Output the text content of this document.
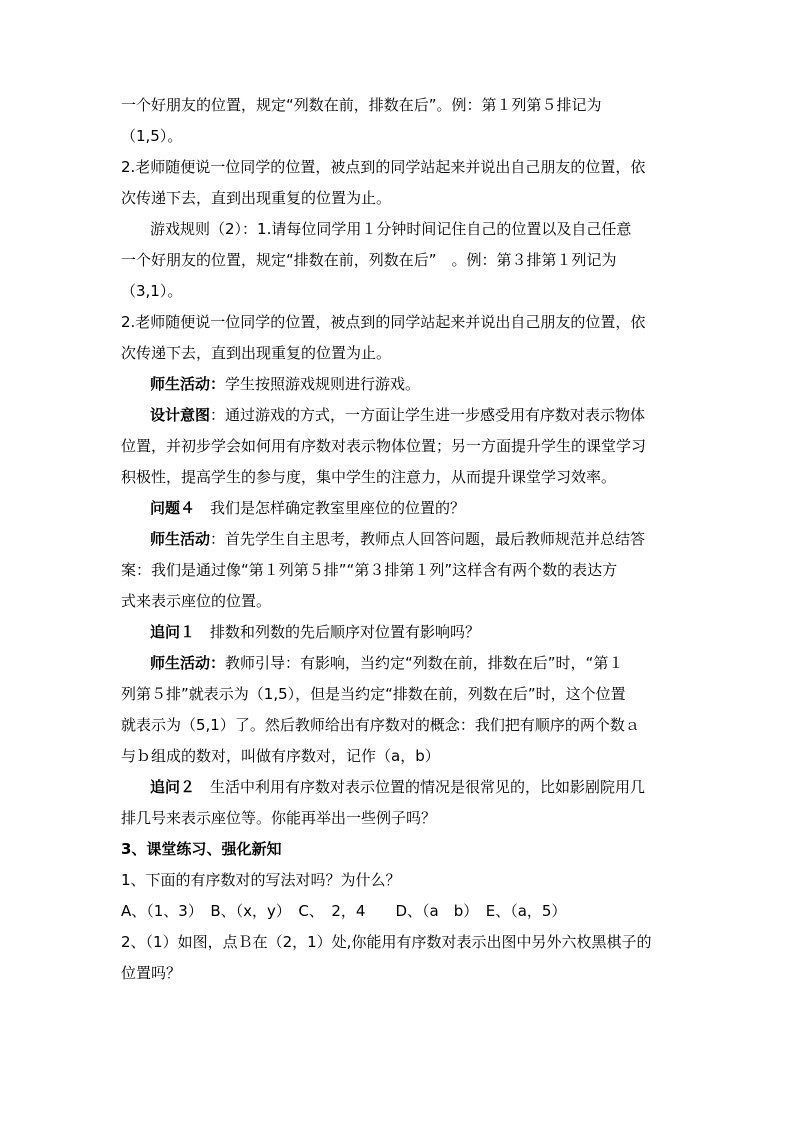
一个好朋友的位置，规定“列数在前，排数在后”。例：第１列第５排记为
（1,5）。
2.老师随便说一位同学的位置，被点到的同学站起来并说出自己朋友的位置，依
次传递下去，直到出现重复的位置为止。
游戏规则（2）：1.请每位同学用１分钟时间记住自己的位置以及自己任意
一个好朋友的位置，规定“排数在前，列数在后”　。例：第３排第１列记为
（3,1）。
2.老师随便说一位同学的位置，被点到的同学站起来并说出自己朋友的位置，依
次传递下去，直到出现重复的位置为止。
师生活动：学生按照游戏规则进行游戏。
设计意图：通过游戏的方式，一方面让学生进一步感受用有序数对表示物体
位置，并初步学会如何用有序数对表示物体位置；另一方面提升学生的课堂学习
积极性，提高学生的参与度，集中学生的注意力，从而提升课堂学习效率。
问题４　我们是怎样确定教室里座位的位置的？
师生活动：首先学生自主思考，教师点人回答问题，最后教师规范并总结答
案：我们是通过像“第１列第５排”“第３排第１列”这样含有两个数的表达方
式来表示座位的位置。
追问１　排数和列数的先后顺序对位置有影响吗？
师生活动：教师引导：有影响，当约定“列数在前，排数在后”时，“第１
列第５排”就表示为（1,5），但是当约定“排数在前，列数在后”时，这个位置
就表示为（5,1）了。然后教师给出有序数对的概念：我们把有顺序的两个数ａ
与ｂ组成的数对，叫做有序数对，记作（a，b）
追问２　生活中利用有序数对表示位置的情况是很常见的，比如影剧院用几
排几号来表示座位等。你能再举出一些例子吗？
3、课堂练习、强化新知
1、下面的有序数对的写法对吗？为什么？
A、（1、3）　B、（x，y）　C、　2，4　　D、（a　b）　E、（a，5）
2、（1）如图，点Ｂ在（2，1）处,你能用有序数对表示出图中另外六枚黑棋子的
位置吗？
